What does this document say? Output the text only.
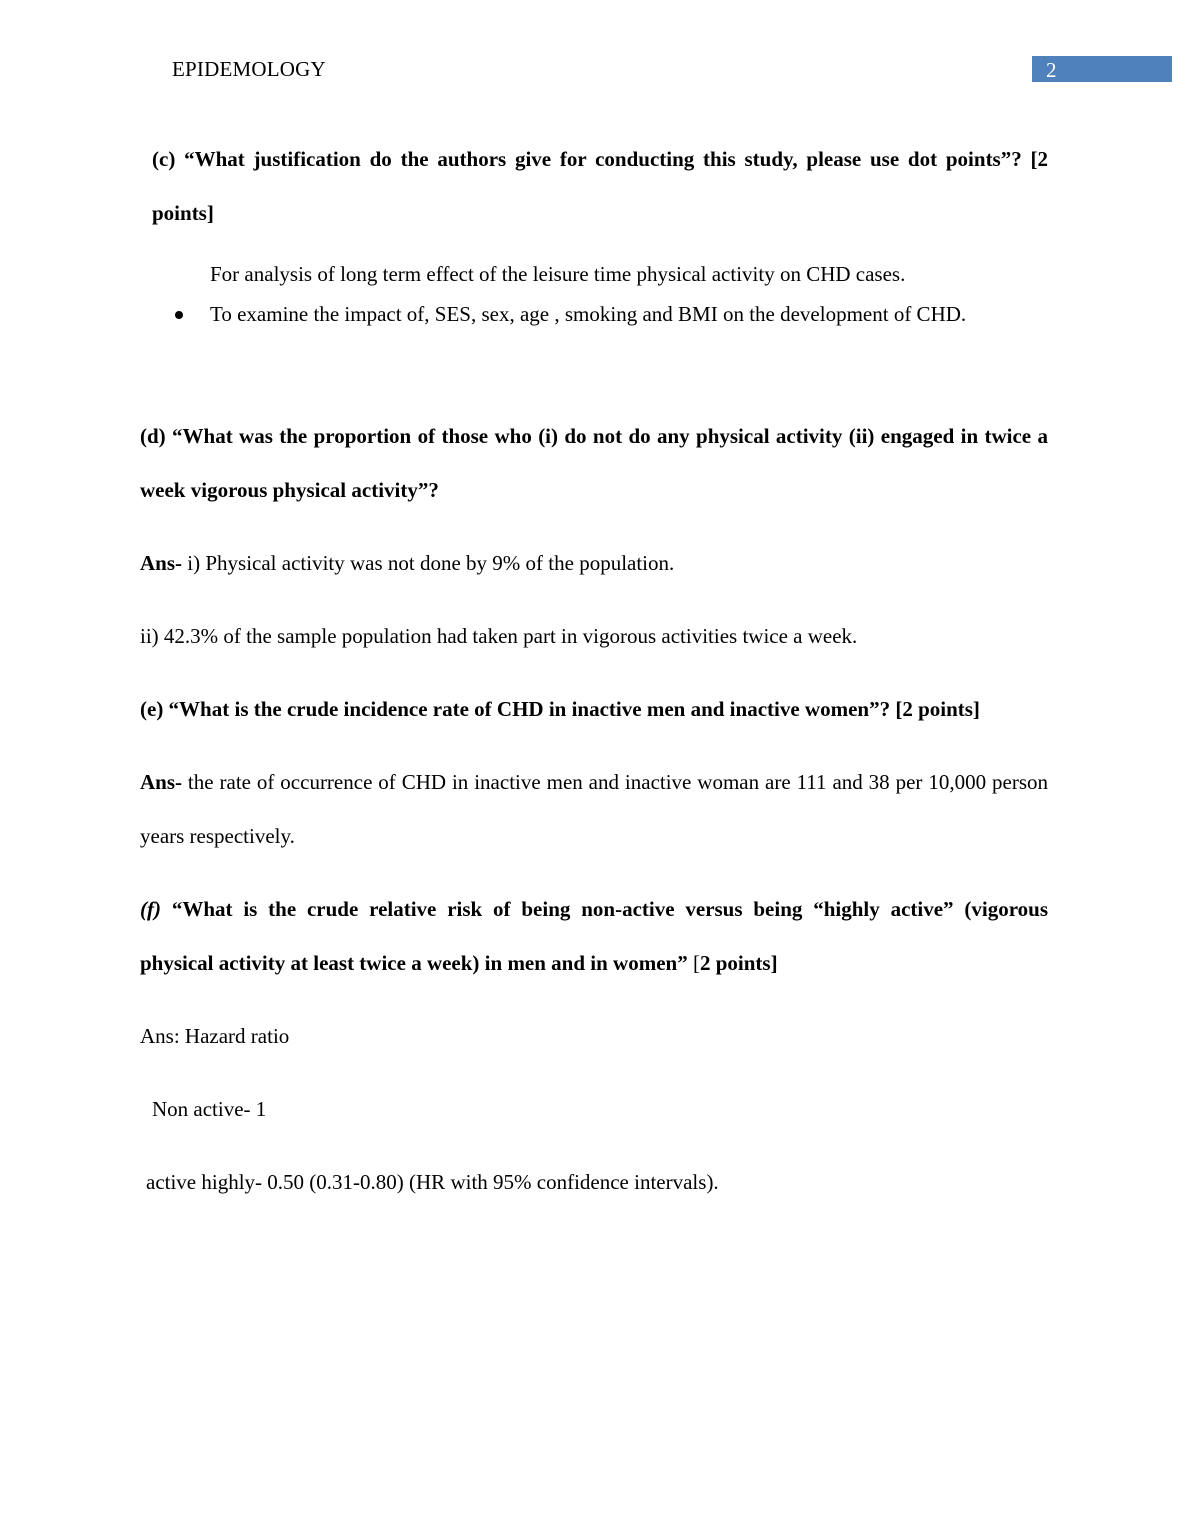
EPIDEMOLOGY	2

(c) “What justification do the authors give for conducting this study, please use dot points”? [2 points]

For analysis of long term effect of the leisure time physical activity on CHD cases.
To examine the impact of, SES, sex, age , smoking and BMI on the development of CHD.

(d) “What was the proportion of those who (i) do not do any physical activity (ii) engaged in twice a week vigorous physical activity”?

Ans- i) Physical activity was not done by 9% of the population.

ii) 42.3% of the sample population had taken part in vigorous activities twice a week.

(e) “What is the crude incidence rate of CHD in inactive men and inactive women”? [2 points]

Ans- the rate of occurrence of CHD in inactive men and inactive woman are 111 and 38 per 10,000 person years respectively.

(f) “What is the crude relative risk of being non-active versus being “highly active” (vigorous physical activity at least twice a week) in men and in women” [2 points]

Ans: Hazard ratio

Non active- 1

active highly- 0.50 (0.31-0.80) (HR with 95% confidence intervals).
